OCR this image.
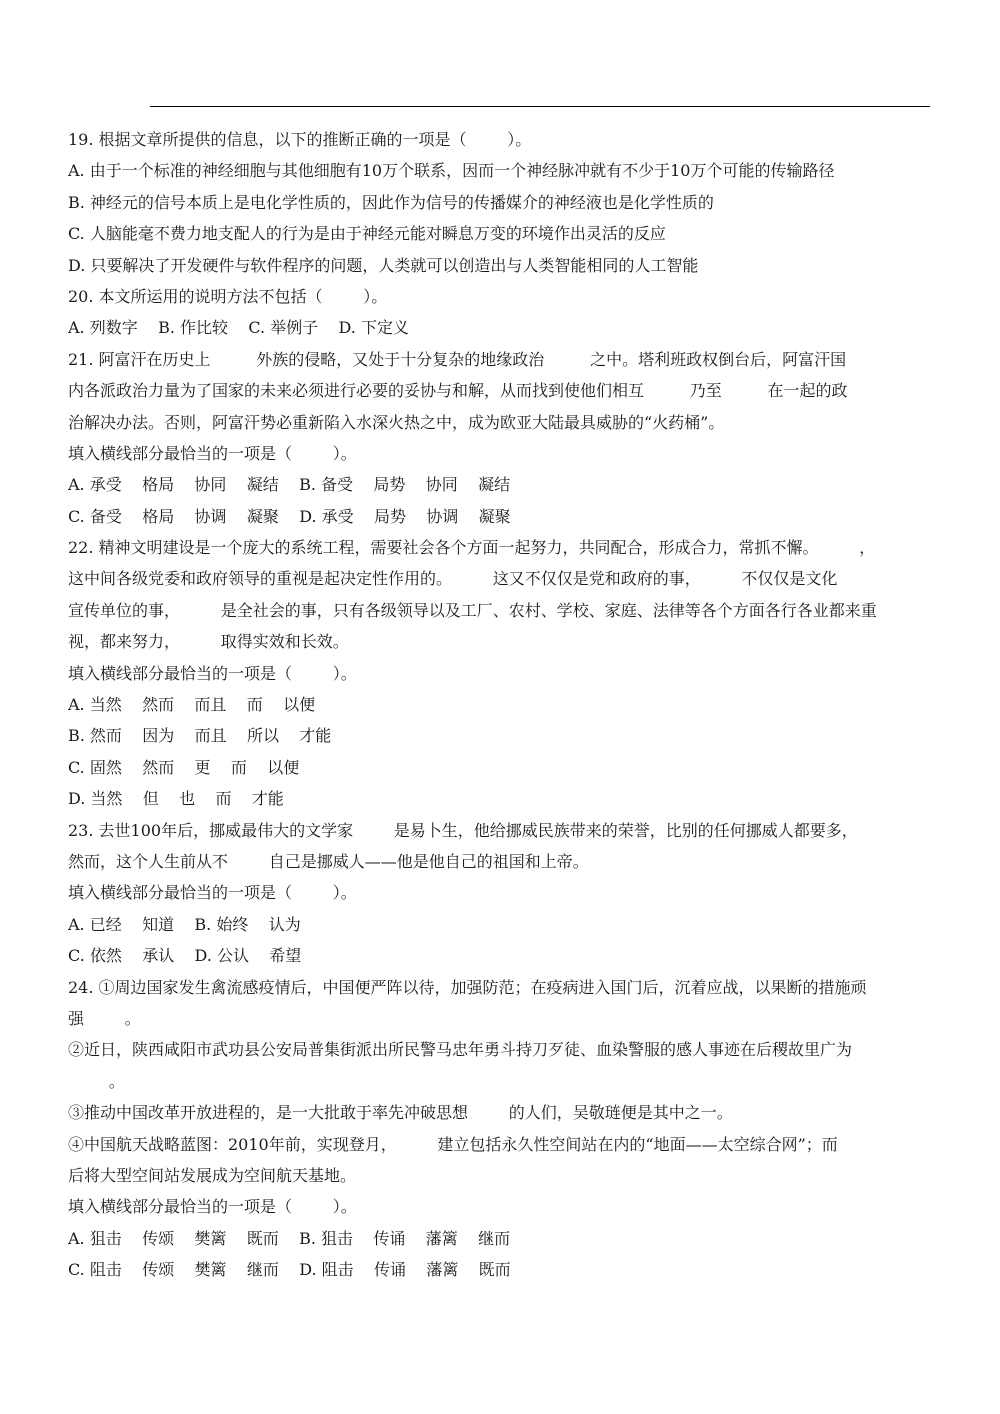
19. 根据文章所提供的信息，以下的推断正确的一项是（        ）。
A. 由于一个标准的神经细胞与其他细胞有10万个联系，因而一个神经脉冲就有不少于10万个可能的传输路径
B. 神经元的信号本质上是电化学性质的，因此作为信号的传播媒介的神经液也是化学性质的
C. 人脑能毫不费力地支配人的行为是由于神经元能对瞬息万变的环境作出灵活的反应
D. 只要解决了开发硬件与软件程序的问题，人类就可以创造出与人类智能相同的人工智能
20. 本文所运用的说明方法不包括（        ）。
A. 列数字    B. 作比较    C. 举例子    D. 下定义
21. 阿富汗在历史上         外族的侵略，又处于十分复杂的地缘政治         之中。塔利班政权倒台后，阿富汗国
内各派政治力量为了国家的未来必须进行必要的妥协与和解，从而找到使他们相互         乃至         在一起的政
治解决办法。否则，阿富汗势必重新陷入水深火热之中，成为欧亚大陆最具威胁的“火药桶”。
填入横线部分最恰当的一项是（        ）。
A. 承受    格局    协同    凝结    B. 备受    局势    协同    凝结
C. 备受    格局    协调    凝聚    D. 承受    局势    协调    凝聚
22. 精神文明建设是一个庞大的系统工程，需要社会各个方面一起努力，共同配合，形成合力，常抓不懈。        ，
这中间各级党委和政府领导的重视是起决定性作用的。        这又不仅仅是党和政府的事，        不仅仅是文化
宣传单位的事，        是全社会的事，只有各级领导以及工厂、农村、学校、家庭、法律等各个方面各行各业都来重
视，都来努力，        取得实效和长效。
填入横线部分最恰当的一项是（        ）。
A. 当然    然而    而且    而    以便
B. 然而    因为    而且    所以    才能
C. 固然    然而    更    而    以便
D. 当然    但    也    而    才能
23. 去世100年后，挪威最伟大的文学家        是易卜生，他给挪威民族带来的荣誉，比别的任何挪威人都要多，
然而，这个人生前从不        自己是挪威人——他是他自己的祖国和上帝。
填入横线部分最恰当的一项是（        ）。
A. 已经    知道    B. 始终    认为
C. 依然    承认    D. 公认    希望
24. ①周边国家发生禽流感疫情后，中国便严阵以待，加强防范；在疫病进入国门后，沉着应战，以果断的措施顽
强        。
②近日，陕西咸阳市武功县公安局普集街派出所民警马忠年勇斗持刀歹徒、血染警服的感人事迹在后稷故里广为
。
③推动中国改革开放进程的，是一大批敢于率先冲破思想        的人们，吴敬琏便是其中之一。
④中国航天战略蓝图：2010年前，实现登月，        建立包括永久性空间站在内的“地面——太空综合网”；而
后将大型空间站发展成为空间航天基地。
填入横线部分最恰当的一项是（        ）。
A. 狙击    传颂    樊篱    既而    B. 狙击    传诵    藩篱    继而
C. 阻击    传颂    樊篱    继而    D. 阻击    传诵    藩篱    既而
